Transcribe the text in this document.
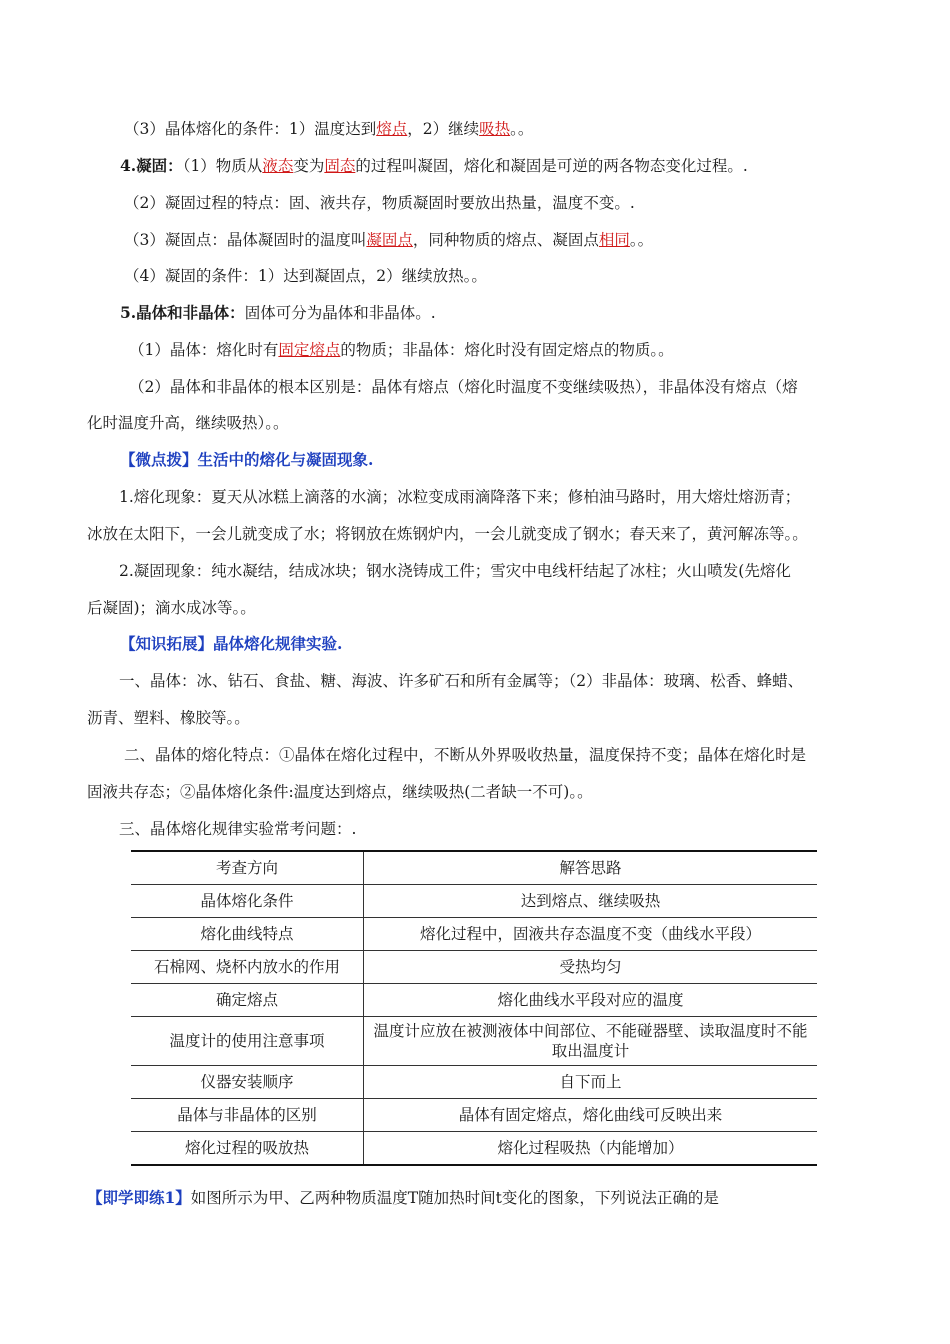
（3）晶体熔化的条件：1）温度达到熔点，2）继续吸热。。
4.凝固：（1）物质从液态变为固态的过程叫凝固，熔化和凝固是可逆的两各物态变化过程。.
（2）凝固过程的特点：固、液共存，物质凝固时要放出热量，温度不变。.
（3）凝固点：晶体凝固时的温度叫凝固点，同种物质的熔点、凝固点相同。。
（4）凝固的条件：1）达到凝固点，2）继续放热。。
5.晶体和非晶体：固体可分为晶体和非晶体。.
（1）晶体：熔化时有固定熔点的物质；非晶体：熔化时没有固定熔点的物质。。
（2）晶体和非晶体的根本区别是：晶体有熔点（熔化时温度不变继续吸热），非晶体没有熔点（熔
化时温度升高，继续吸热）。。
【微点拨】生活中的熔化与凝固现象.
1.熔化现象：夏天从冰糕上滴落的水滴；冰粒变成雨滴降落下来；修柏油马路时，用大熔灶熔沥青；
冰放在太阳下，一会儿就变成了水；将钢放在炼钢炉内，一会儿就变成了钢水；春天来了，黄河解冻等。。
2.凝固现象：纯水凝结，结成冰块；钢水浇铸成工件；雪灾中电线杆结起了冰柱；火山喷发(先熔化
后凝固)；滴水成冰等。。
【知识拓展】晶体熔化规律实验.
一、晶体：冰、钻石、食盐、糖、海波、许多矿石和所有金属等；（2）非晶体：玻璃、松香、蜂蜡、
沥青、塑料、橡胶等。。
二、晶体的熔化特点：①晶体在熔化过程中，不断从外界吸收热量，温度保持不变；晶体在熔化时是
固液共存态；②晶体熔化条件:温度达到熔点，继续吸热(二者缺一不可)。。
三、晶体熔化规律实验常考问题：.
考查方向	解答思路
晶体熔化条件	达到熔点、继续吸热
熔化曲线特点	熔化过程中，固液共存态温度不变（曲线水平段）
石棉网、烧杯内放水的作用	受热均匀
确定熔点	熔化曲线水平段对应的温度
温度计的使用注意事项	温度计应放在被测液体中间部位、不能碰器壁、读取温度时不能取出温度计
仪器安装顺序	自下而上
晶体与非晶体的区别	晶体有固定熔点，熔化曲线可反映出来
熔化过程的吸放热	熔化过程吸热（内能增加）
【即学即练1】如图所示为甲、乙两种物质温度T随加热时间t变化的图象，下列说法正确的是
